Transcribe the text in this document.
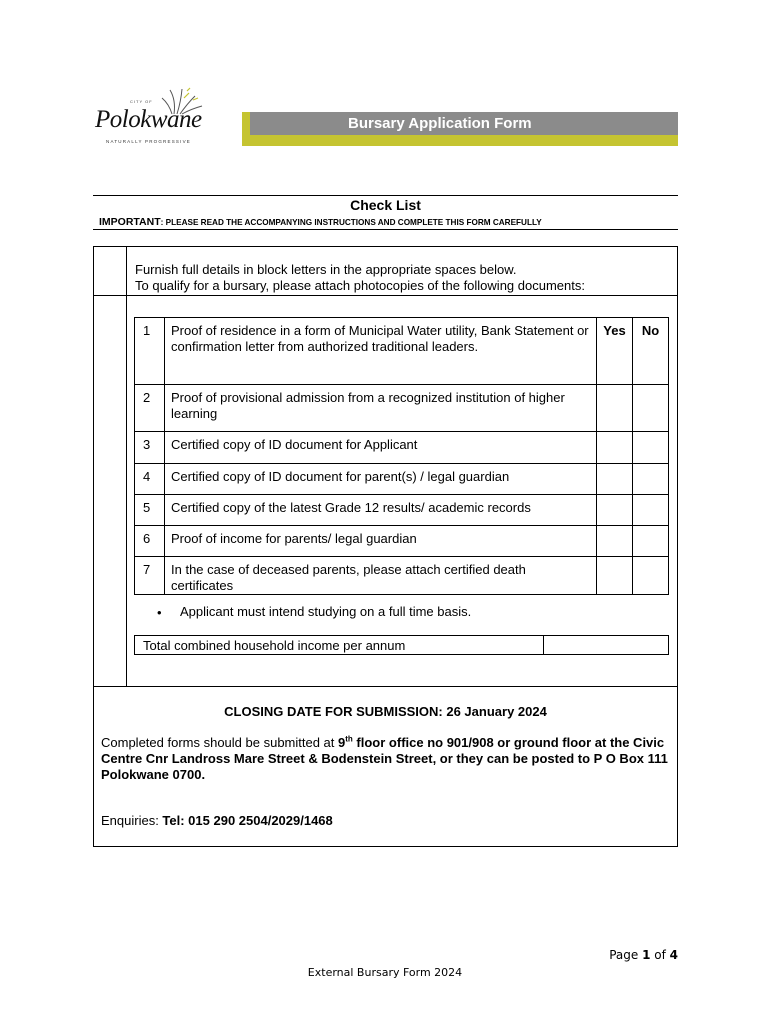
CITY OF
Polokwane
NATURALLY PROGRESSIVE
Bursary Application Form
Check List
IMPORTANT: PLEASE READ THE ACCOMPANYING INSTRUCTIONS AND COMPLETE THIS FORM CAREFULLY
Furnish full details in block letters in the appropriate spaces below.
To qualify for a bursary, please attach photocopies of the following documents:
1	Proof of residence in a form of Municipal Water utility, Bank Statement or confirmation letter from authorized traditional leaders.	Yes	No
2	Proof of provisional admission from a recognized institution of higher learning		
3	Certified copy of ID document for Applicant		
4	Certified copy of ID document for parent(s) / legal guardian		
5	Certified copy of the latest Grade 12 results/ academic records		
6	Proof of income for parents/ legal guardian		
7	In the case of deceased parents, please attach certified death certificates		
• Applicant must intend studying on a full time basis.
Total combined household income per annum	
CLOSING DATE FOR SUBMISSION: 26 January 2024
Completed forms should be submitted at 9th floor office no 901/908 or ground floor at the Civic Centre Cnr Landross Mare Street & Bodenstein Street, or they can be posted to P O Box 111 Polokwane 0700.
Enquiries: Tel: 015 290 2504/2029/1468
Page 1 of 4
External Bursary Form 2024
